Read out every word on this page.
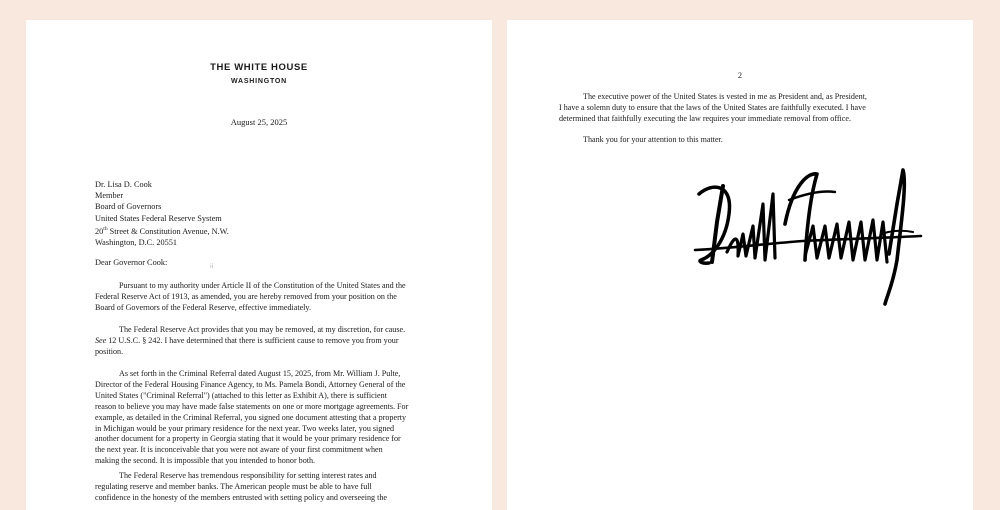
THE WHITE HOUSE
WASHINGTON
August 25, 2025
Dr. Lisa D. Cook
Member
Board of Governors
United States Federal Reserve System
20th Street & Constitution Avenue, N.W.
Washington, D.C. 20551
Dear Governor Cook:	⁞⁞
Pursuant to my authority under Article II of the Constitution of the United States and the
Federal Reserve Act of 1913, as amended, you are hereby removed from your position on the
Board of Governors of the Federal Reserve, effective immediately.
The Federal Reserve Act provides that you may be removed, at my discretion, for cause.
See 12 U.S.C. § 242. I have determined that there is sufficient cause to remove you from your
position.
As set forth in the Criminal Referral dated August 15, 2025, from Mr. William J. Pulte,
Director of the Federal Housing Finance Agency, to Ms. Pamela Bondi, Attorney General of the
United States ("Criminal Referral") (attached to this letter as Exhibit A), there is sufficient
reason to believe you may have made false statements on one or more mortgage agreements. For
example, as detailed in the Criminal Referral, you signed one document attesting that a property
in Michigan would be your primary residence for the next year. Two weeks later, you signed
another document for a property in Georgia stating that it would be your primary residence for
the next year. It is inconceivable that you were not aware of your first commitment when
making the second. It is impossible that you intended to honor both.
The Federal Reserve has tremendous responsibility for setting interest rates and
regulating reserve and member banks. The American people must be able to have full
confidence in the honesty of the members entrusted with setting policy and overseeing the
2
The executive power of the United States is vested in me as President and, as President,
I have a solemn duty to ensure that the laws of the United States are faithfully executed. I have
determined that faithfully executing the law requires your immediate removal from office.
Thank you for your attention to this matter.
